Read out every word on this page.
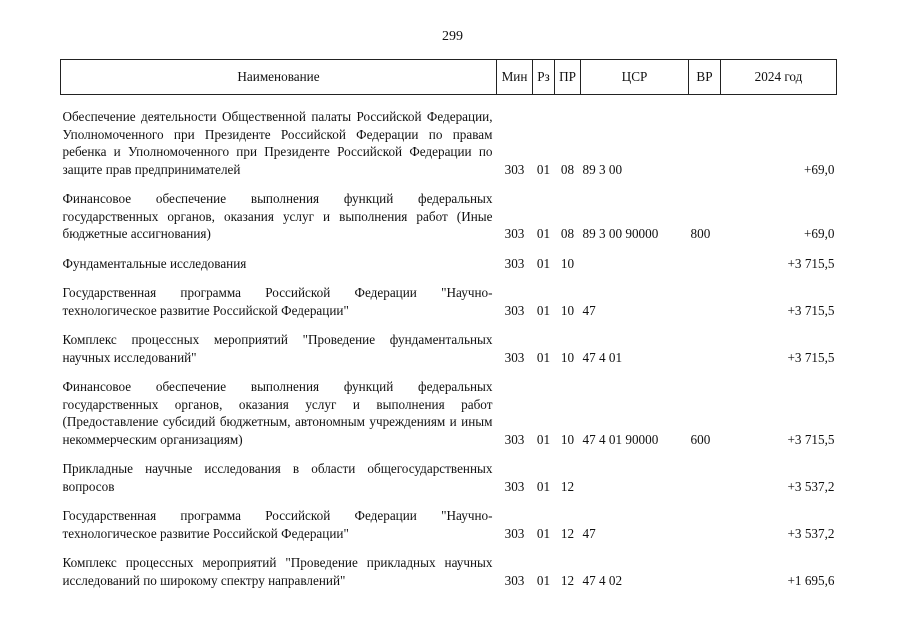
299
Наименование	Мин	Рз	ПР	ЦСР	ВР	2024 год
Обеспечение деятельности Общественной палаты Российской Федерации, Уполномоченного при Президенте Российской Федерации по правам ребенка и Уполномоченного при Президенте Российской Федерации по защите прав предпринимателей	303	01	08	89 3 00		+69,0
Финансовое обеспечение выполнения функций федеральных государственных органов, оказания услуг и выполнения работ (Иные бюджетные ассигнования)	303	01	08	89 3 00 90000	800	+69,0
Фундаментальные исследования	303	01	10			+3 715,5
Государственная программа Российской Федерации "Научно-технологическое развитие Российской Федерации"	303	01	10	47		+3 715,5
Комплекс процессных мероприятий "Проведение фундаментальных научных исследований"	303	01	10	47 4 01		+3 715,5
Финансовое обеспечение выполнения функций федеральных государственных органов, оказания услуг и выполнения работ (Предоставление субсидий бюджетным, автономным учреждениям и иным некоммерческим организациям)	303	01	10	47 4 01 90000	600	+3 715,5
Прикладные научные исследования в области общегосударственных вопросов	303	01	12			+3 537,2
Государственная программа Российской Федерации "Научно-технологическое развитие Российской Федерации"	303	01	12	47		+3 537,2
Комплекс процессных мероприятий "Проведение прикладных научных исследований по широкому спектру направлений"	303	01	12	47 4 02		+1 695,6
